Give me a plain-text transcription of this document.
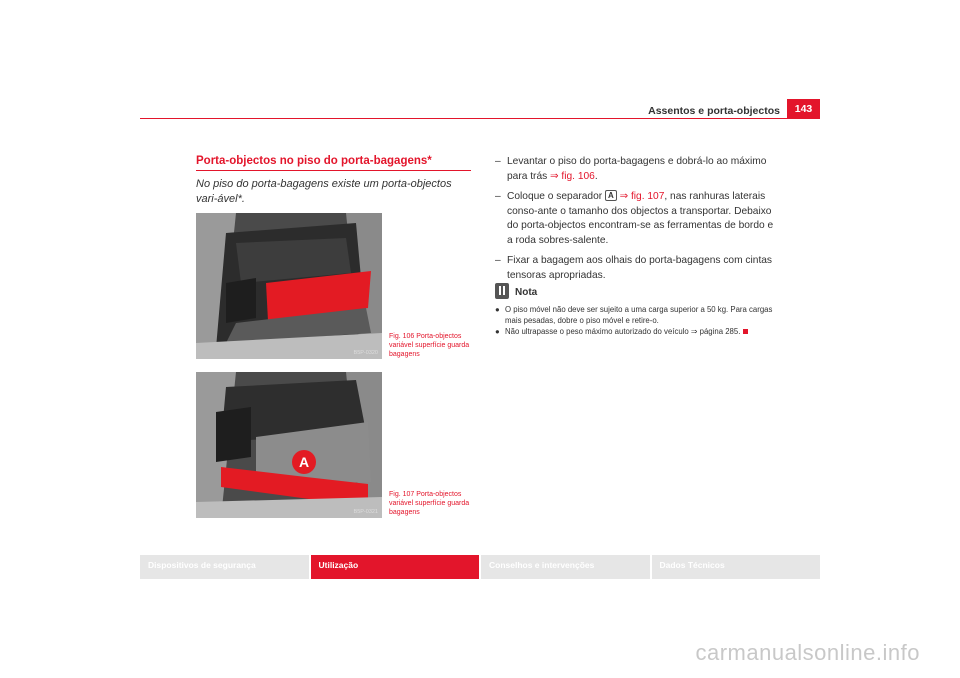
Assentos e porta-objectos	143
Porta-objectos no piso do porta-bagagens*
No piso do porta-bagagens existe um porta-objectos vari-ável*.
B5P-0320
Fig. 106 Porta-objectos variável superfície guarda bagagens
A
B5P-0321
Fig. 107 Porta-objectos variável superfície guarda bagagens
– Levantar o piso do porta-bagagens e dobrá-lo ao máximo para trás ⇒ fig. 106.
– Coloque o separador A ⇒ fig. 107, nas ranhuras laterais conso-ante o tamanho dos objectos a transportar. Debaixo do porta-objectos encontram-se as ferramentas de bordo e a roda sobres-salente.
– Fixar a bagagem aos olhais do porta-bagagens com cintas tensoras apropriadas.
Nota
● O piso móvel não deve ser sujeito a uma carga superior a 50 kg. Para cargas mais pesadas, dobre o piso móvel e retire-o.
● Não ultrapasse o peso máximo autorizado do veículo ⇒ página 285.
Dispositivos de segurança	Utilização	Conselhos e intervenções	Dados Técnicos
carmanualsonline.info
